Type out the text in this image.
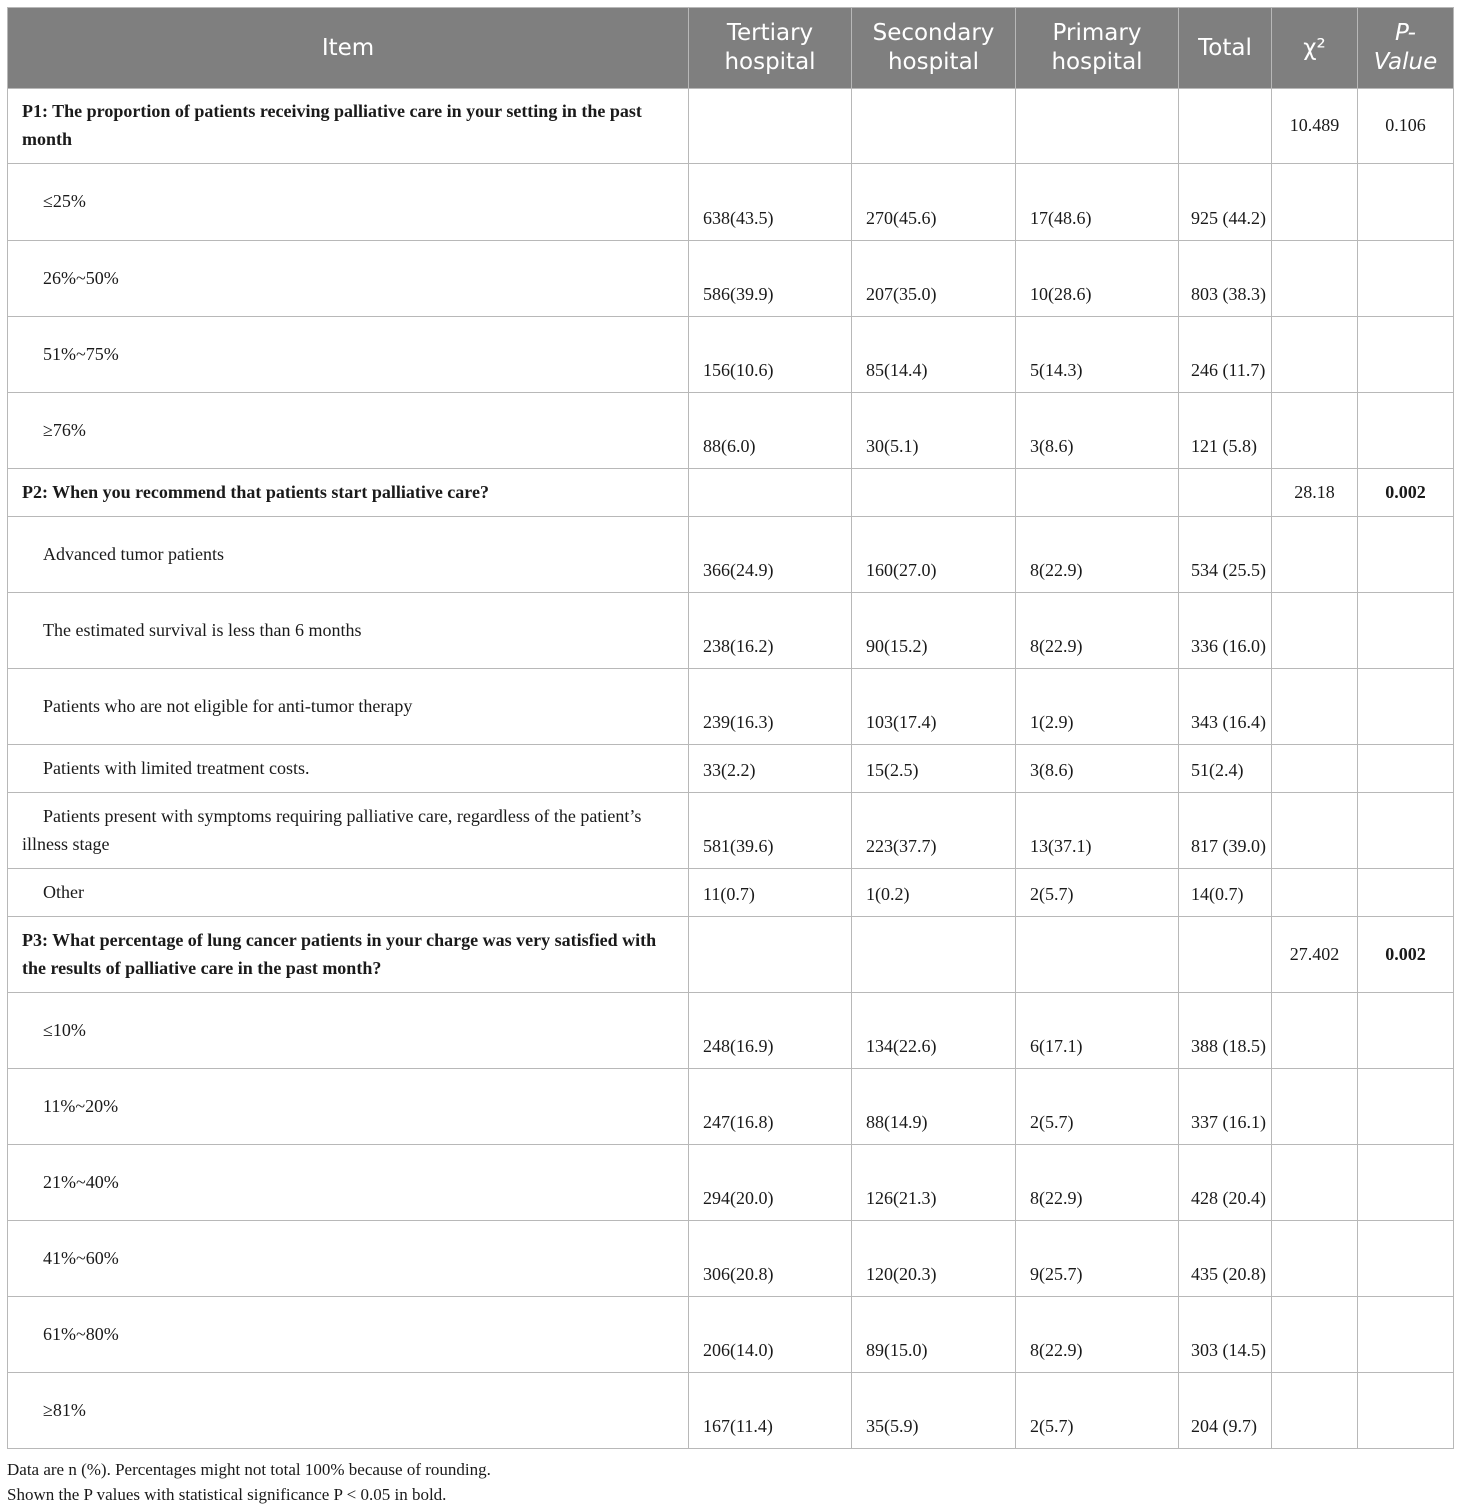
Item	Tertiary hospital	Secondary hospital	Primary hospital	Total	χ²	P-Value
P1: The proportion of patients receiving palliative care in your setting in the past month					10.489	0.106
≤25%	638(43.5)	270(45.6)	17(48.6)	925 (44.2)		
26%~50%	586(39.9)	207(35.0)	10(28.6)	803 (38.3)		
51%~75%	156(10.6)	85(14.4)	5(14.3)	246 (11.7)		
≥76%	88(6.0)	30(5.1)	3(8.6)	121 (5.8)		
P2: When you recommend that patients start palliative care?					28.18	0.002
Advanced tumor patients	366(24.9)	160(27.0)	8(22.9)	534 (25.5)		
The estimated survival is less than 6 months	238(16.2)	90(15.2)	8(22.9)	336 (16.0)		
Patients who are not eligible for anti-tumor therapy	239(16.3)	103(17.4)	1(2.9)	343 (16.4)		
Patients with limited treatment costs.	33(2.2)	15(2.5)	3(8.6)	51(2.4)		
Patients present with symptoms requiring palliative care, regardless of the patient’s illness stage	581(39.6)	223(37.7)	13(37.1)	817 (39.0)		
Other	11(0.7)	1(0.2)	2(5.7)	14(0.7)		
P3: What percentage of lung cancer patients in your charge was very satisfied with the results of palliative care in the past month?					27.402	0.002
≤10%	248(16.9)	134(22.6)	6(17.1)	388 (18.5)		
11%~20%	247(16.8)	88(14.9)	2(5.7)	337 (16.1)		
21%~40%	294(20.0)	126(21.3)	8(22.9)	428 (20.4)		
41%~60%	306(20.8)	120(20.3)	9(25.7)	435 (20.8)		
61%~80%	206(14.0)	89(15.0)	8(22.9)	303 (14.5)		
≥81%	167(11.4)	35(5.9)	2(5.7)	204 (9.7)		
Data are n (%). Percentages might not total 100% because of rounding.
Shown the P values with statistical significance P < 0.05 in bold.
